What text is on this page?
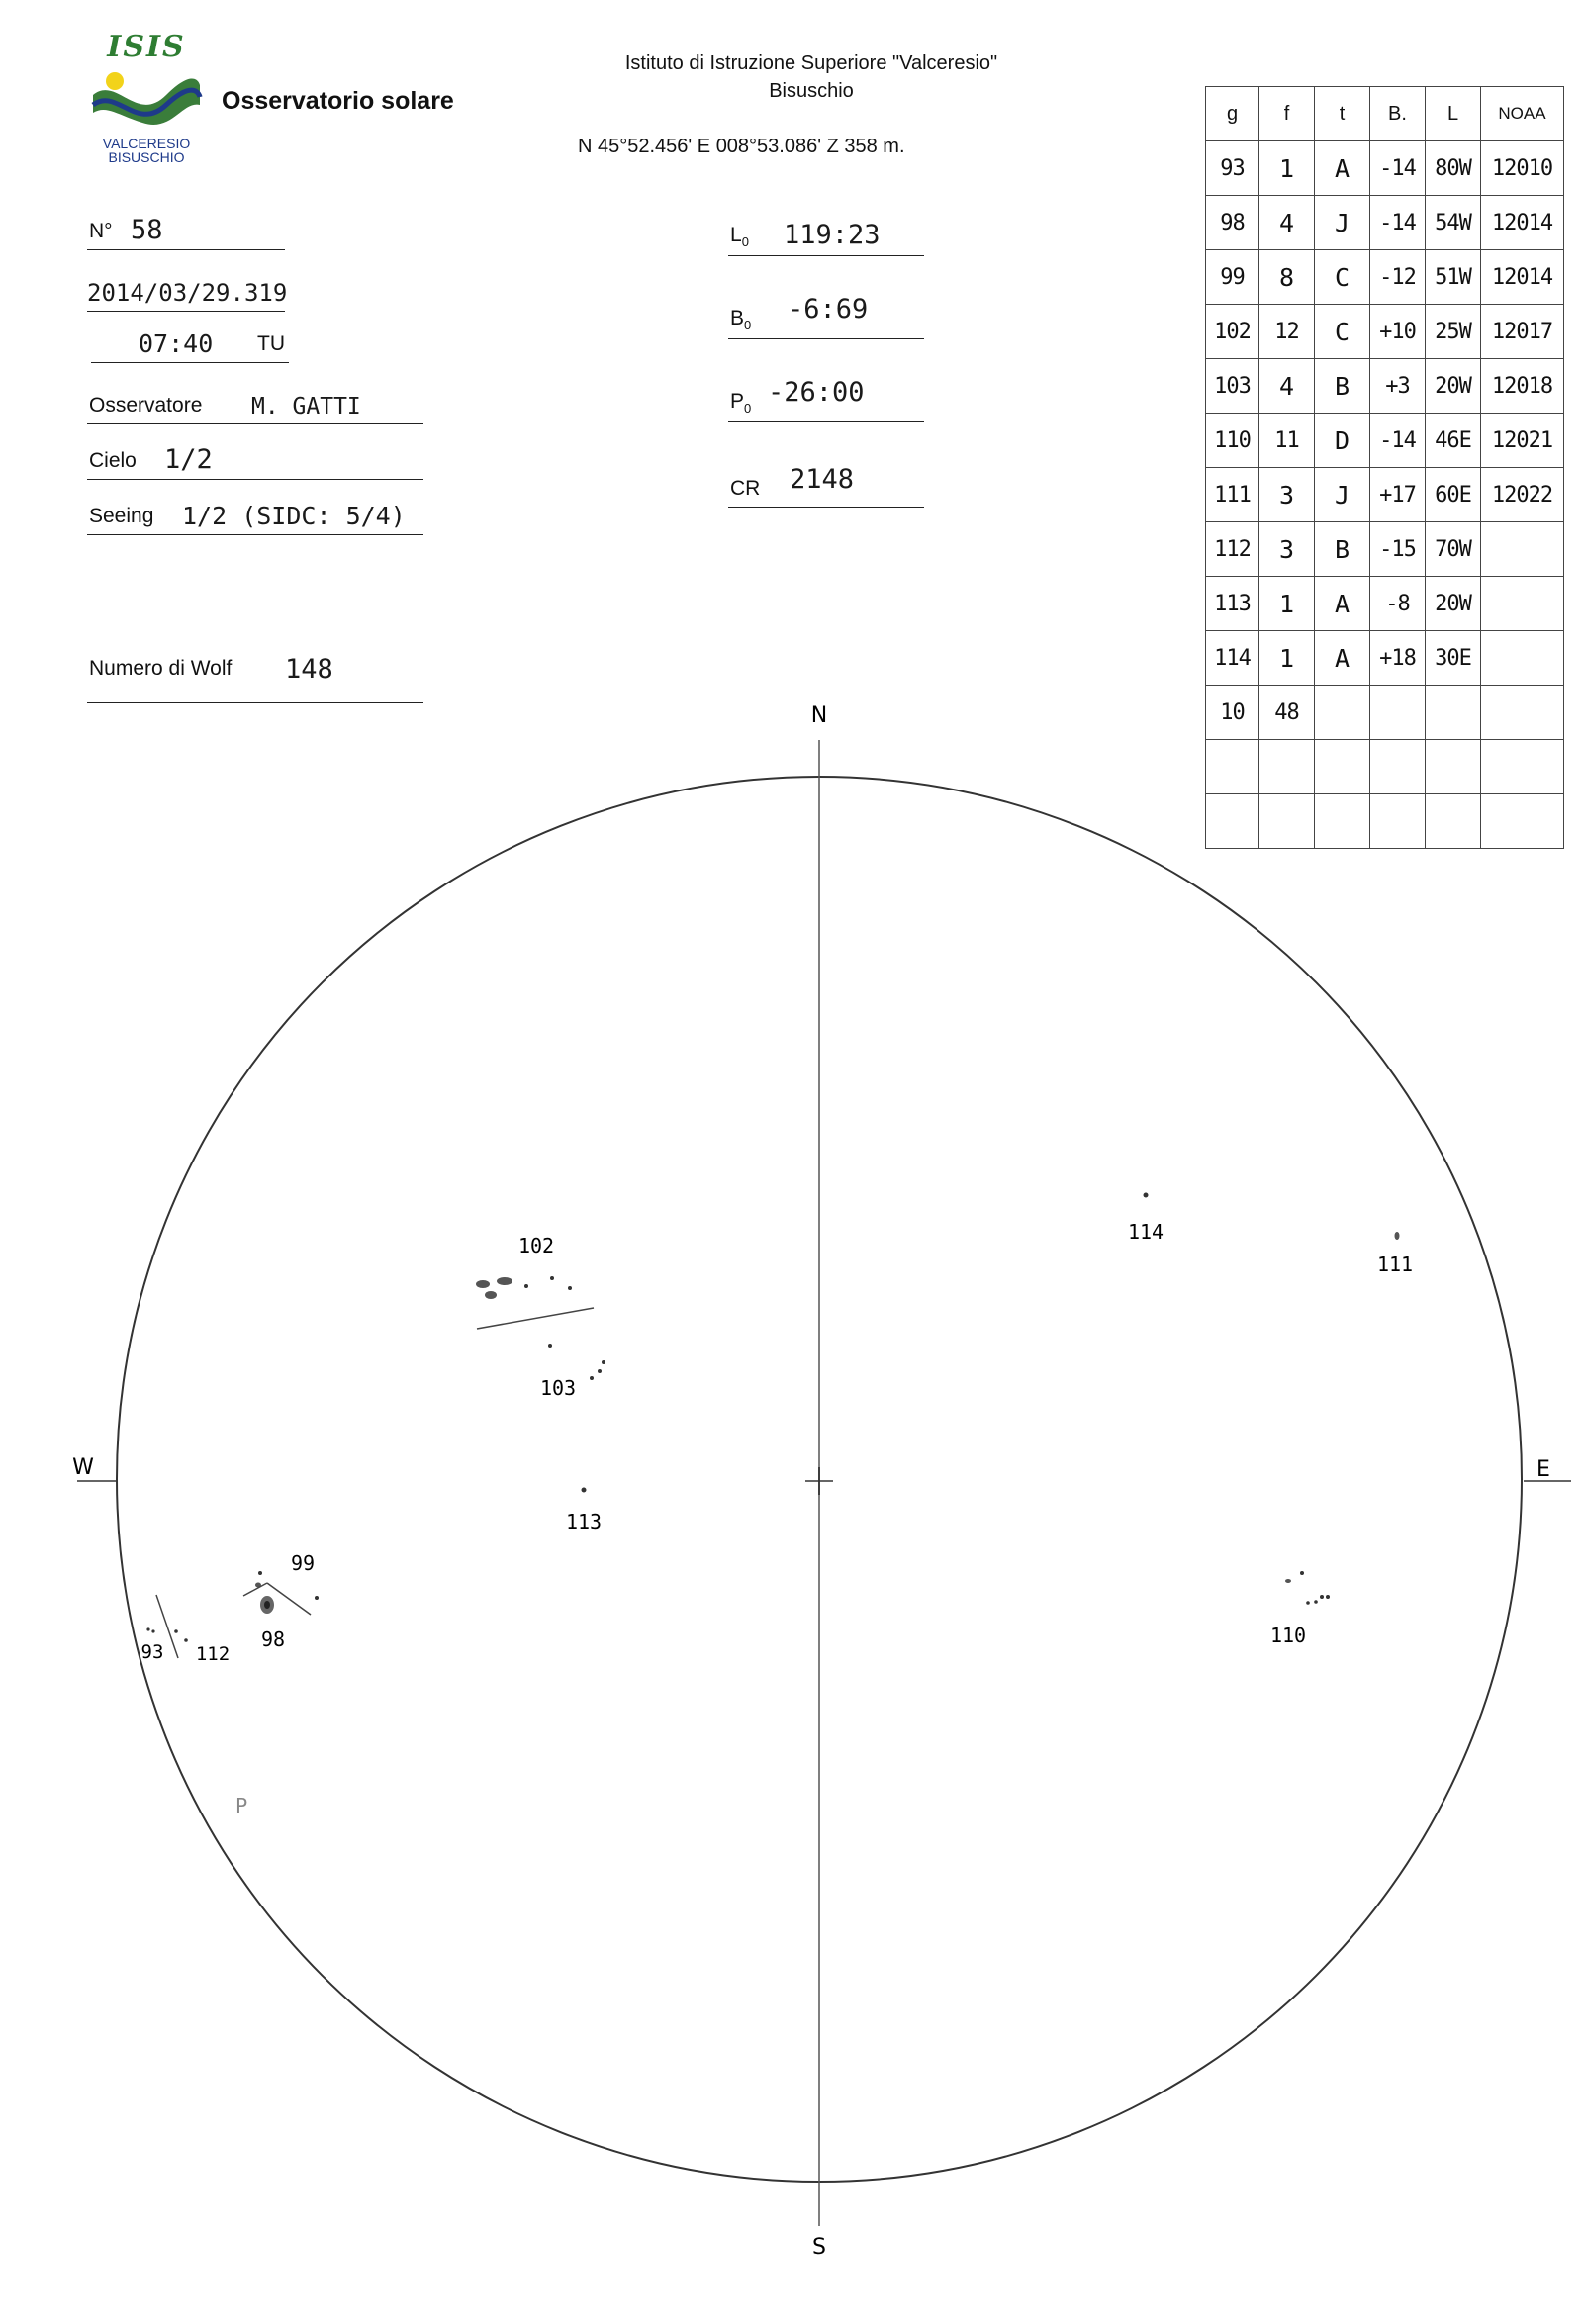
N
S
W	E
102
103
113
114
111
99
98
93 112
110
P
ISIS
VALCERESIO
BISUSCHIO
Osservatorio solare
Istituto di Istruzione Superiore "Valceresio"
Bisuschio
N 45°52.456' E 008°53.086' Z 358 m.
N° 58
2014/03/29.319
07:40 TU
Osservatore M. GATTI
Cielo 1/2
Seeing 1/2 (SIDC: 5/4)
Numero di Wolf 148
$L_0$ 119:23
$B_0$
-6:69
$P_0$
-26:00
CR 2148
g	f	t	B.	L	NOAA
93	1	A	-14	80W	12010
98	4	J	-14	54W	12014
99	8	C	-12	51W	12014
102	12	C	+10	25W	12017
103	4	B	+3	20W	12018
110	11	D	-14	46E	12021
111	3	J	+17	60E	12022
112	3	B	-15	70W	
113	1	A	-8	20W	
114	1	A	+18	30E	
10	48				
